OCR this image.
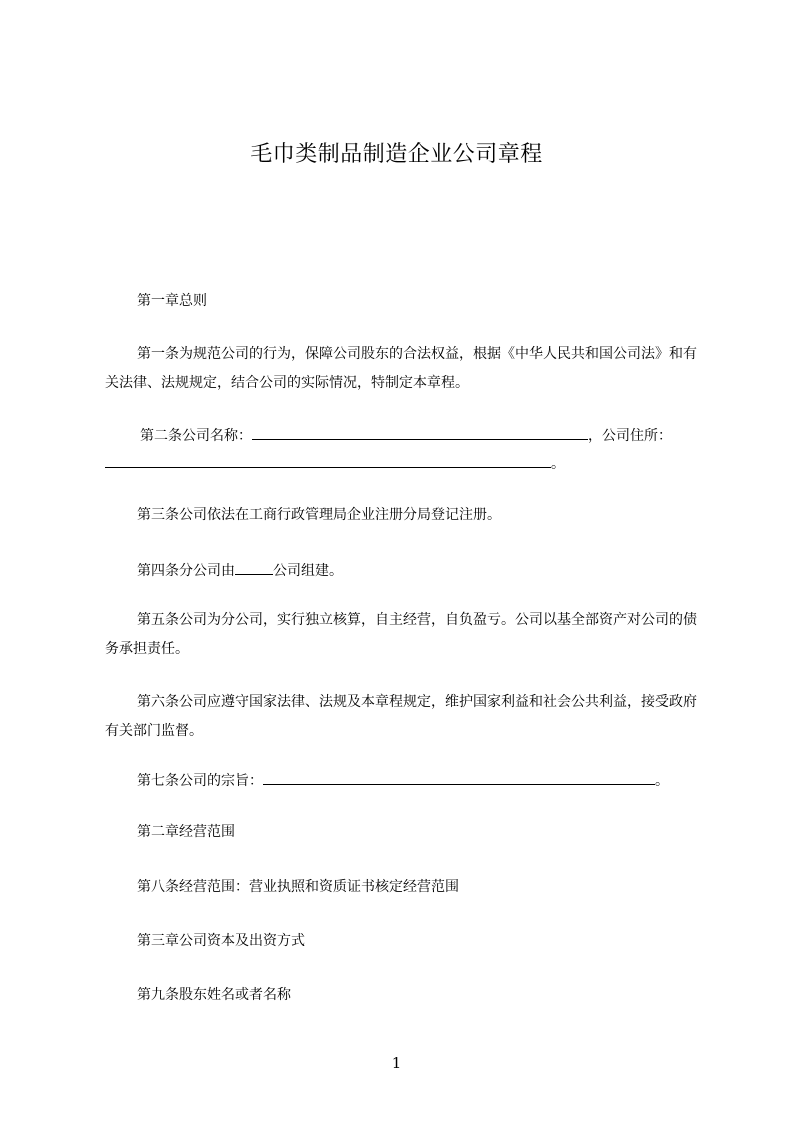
毛巾类制品制造企业公司章程
第一章总则

第一条为规范公司的行为，保障公司股东的合法权益，根据《中华人民共和国公司法》和有关法律、法规规定，结合公司的实际情况，特制定本章程。

第二条公司名称：	，公司住所：
。
第三条公司依法在工商行政管理局企业注册分局登记注册。
第四条分公司由	公司组建。

第五条公司为分公司，实行独立核算，自主经营，自负盈亏。公司以基全部资产对公司的债务承担责任。

第六条公司应遵守国家法律、法规及本章程规定，维护国家利益和社会公共利益，接受政府有关部门监督。

第七条公司的宗旨：	。
第二章经营范围
第八条经营范围：营业执照和资质证书核定经营范围
第三章公司资本及出资方式
第九条股东姓名或者名称
1
